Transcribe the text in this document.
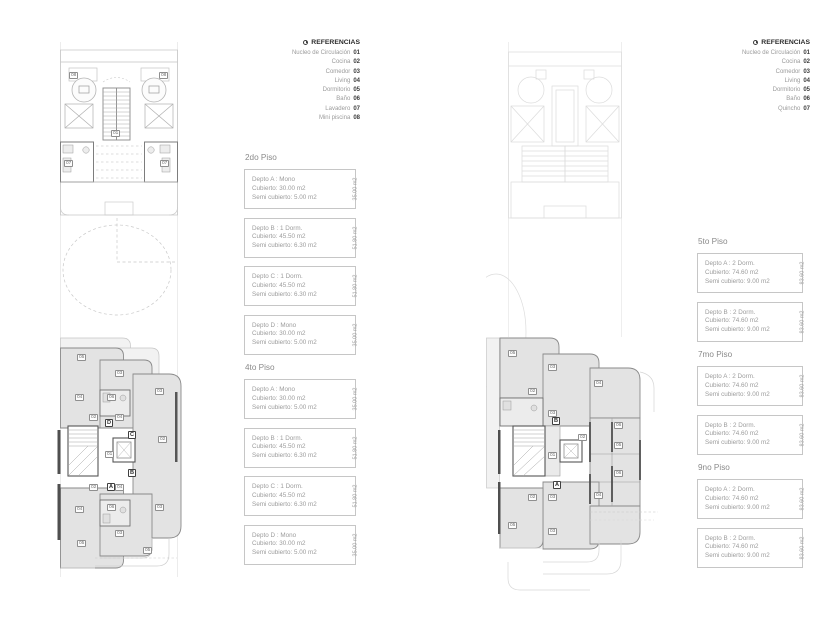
08	08
01
07	07
05
03
03
04	06
04
02
02
01
02	04
06
04	03
03
05
05
D
C
B
A
05
03
04
02
03
06
05
02
01
06
02	04
03
05
03
B
A
REFERENCIAS
Nucleo de Circulación 01
Cocina 02
Comedor 03
Living 04
Dormitorio 05
Baño 06
Lavadero 07
Mini piscina 08
REFERENCIAS
Nucleo de Circulación 01
Cocina 02
Comedor 03
Living 04
Dormitorio 05
Baño 06
Quincho 07
2do Piso
Depto A : Mono
Cubierto: 30.00 m2
Semi cubierto: 5.00 m2	35.00 m2
Depto B : 1 Dorm.
Cubierto: 45.50 m2
Semi cubierto: 6.30 m2	51.80 m2
Depto C : 1 Dorm.
Cubierto: 45.50 m2
Semi cubierto: 6.30 m2	51.80 m2
Depto D : Mono
Cubierto: 30.00 m2
Semi cubierto: 5.00 m2	35.00 m2
4to Piso
Depto A : Mono
Cubierto: 30.00 m2
Semi cubierto: 5.00 m2	35.00 m2
Depto B : 1 Dorm.
Cubierto: 45.50 m2
Semi cubierto: 6.30 m2	51.80 m2
Depto C : 1 Dorm.
Cubierto: 45.50 m2
Semi cubierto: 6.30 m2	51.80 m2
Depto D : Mono
Cubierto: 30.00 m2
Semi cubierto: 5.00 m2	35.00 m2
5to Piso
Depto A : 2 Dorm.
Cubierto: 74.60 m2
Semi cubierto: 9.00 m2	83.60 m2
Depto B : 2 Dorm.
Cubierto: 74.60 m2
Semi cubierto: 9.00 m2	83.60 m2
7mo Piso
Depto A : 2 Dorm.
Cubierto: 74.60 m2
Semi cubierto: 9.00 m2	83.60 m2
Depto B : 2 Dorm.
Cubierto: 74.60 m2
Semi cubierto: 9.00 m2	83.60 m2
9no Piso
Depto A : 2 Dorm.
Cubierto: 74.60 m2
Semi cubierto: 9.00 m2	83.60 m2
Depto B : 2 Dorm.
Cubierto: 74.60 m2
Semi cubierto: 9.00 m2	83.60 m2
